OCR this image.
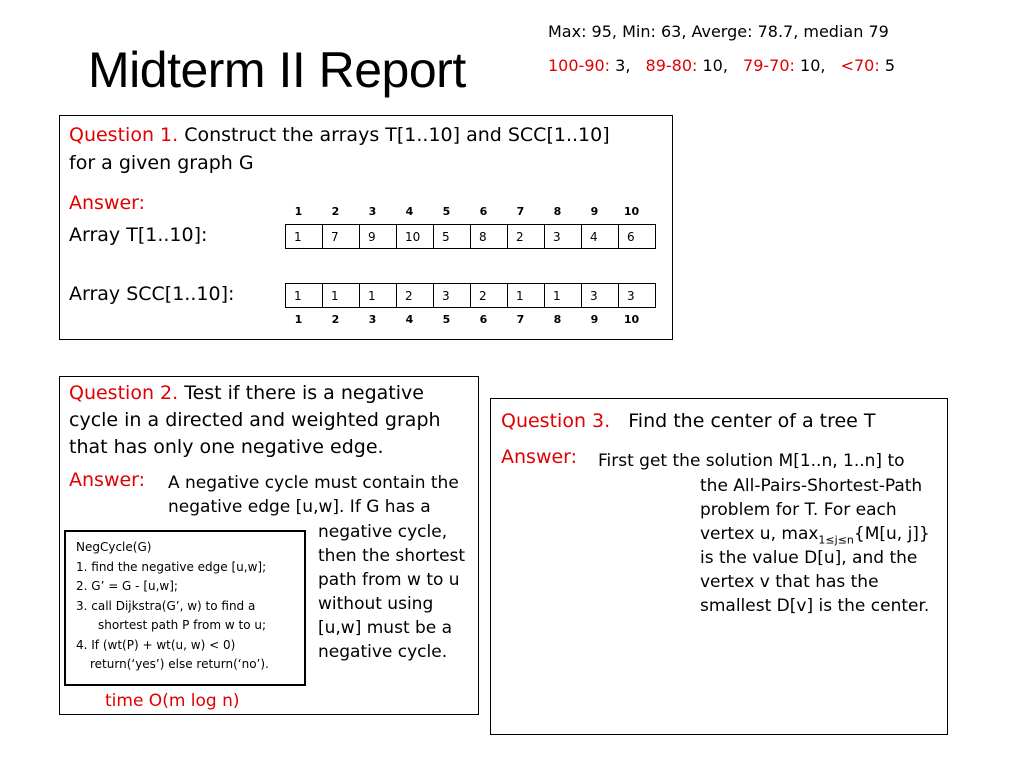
Midterm II Report
Max: 95, Min: 63, Averge: 78.7, median 79
100-90: 3, 89-80: 10, 79-70: 10, <70: 5
Question 1. Construct the arrays T[1..10] and SCC[1..10]
for a given graph G
Answer:
Array T[1..10]:
Array SCC[1..10]:
1	2	3	4	5	6	7	8	9 10
1	7	9	10	5	8	2	3	4	6
1	1	1	2	3	2	1	1	3	3
1	2	3	4	5	6	7	8	9 10
Question 2. Test if there is a negative
cycle in a directed and weighted graph
that has only one negative edge.
Answer: A negative cycle must contain the
negative edge [u,w]. If G has a
negative cycle,
then the shortest
path from w to u
without using
[u,w] must be a
negative cycle.
NegCycle(G)
1. find the negative edge [u,w];
2. G’ = G - [u,w];
3. call Dijkstra(G’, w) to find a
shortest path P from w to u;
4. If (wt(P) + wt(u, w) < 0)
return(‘yes’) else return(‘no’).
time O(m log n)
Question 3. Find the center of a tree T
Answer: First get the solution M[1..n, 1..n] to
the All-Pairs-Shortest-Path
problem for T. For each
vertex u, $\max_{1\le j\le n}\{M[u$, j]}
is the value D[u], and the
vertex v that has the
smallest D[v] is the center.
